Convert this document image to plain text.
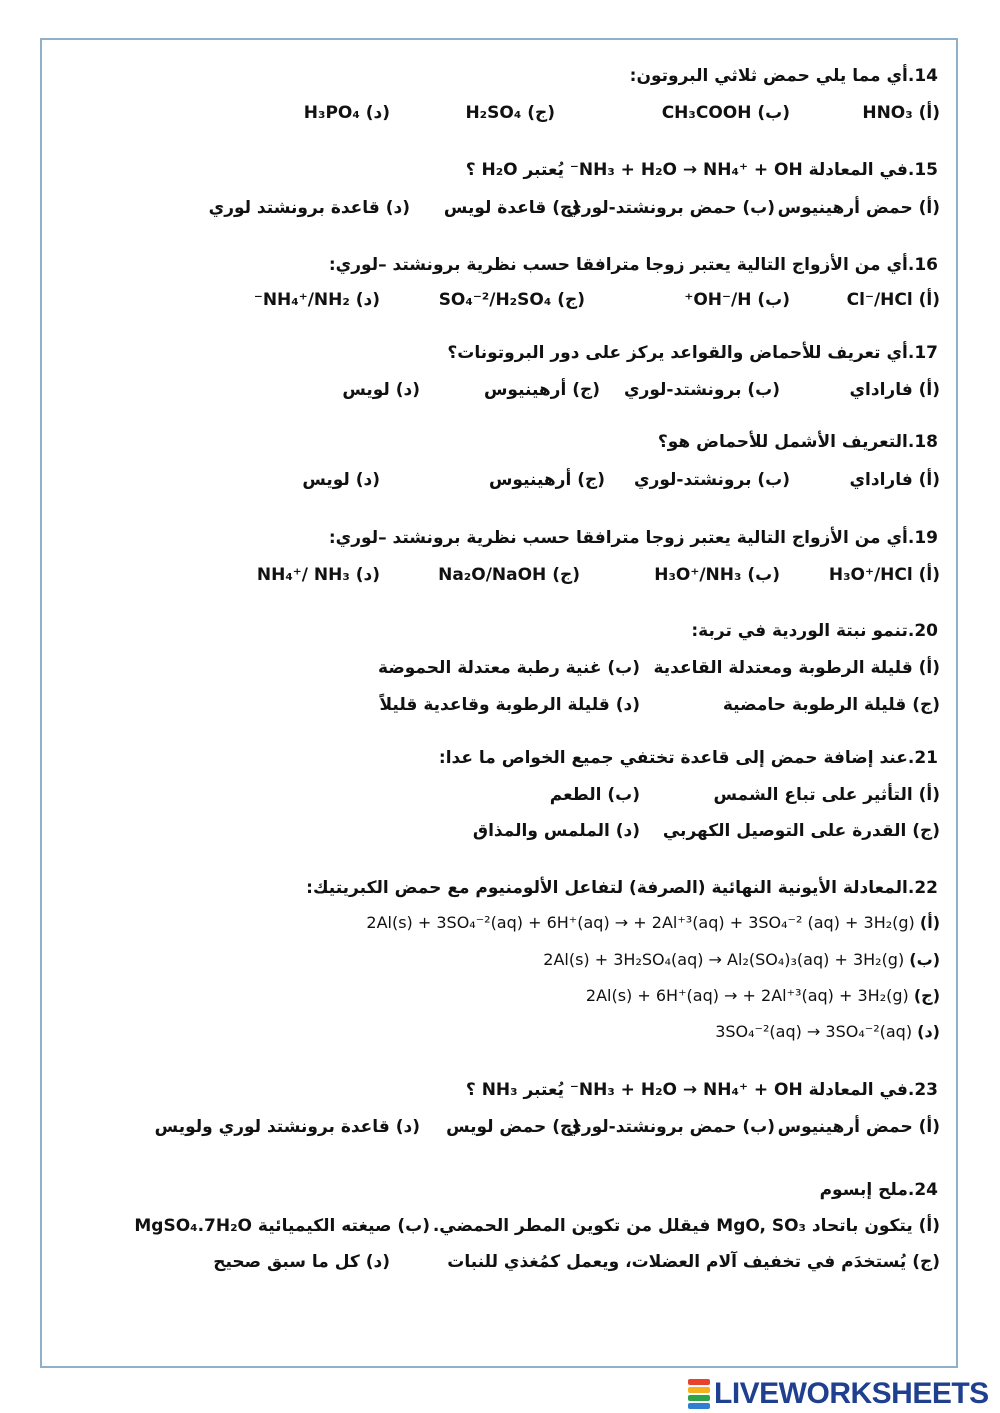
14.أي مما يلي حمض ثلاثي البروتون:
(أ) HNO₃
(ب) CH₃COOH
(ج) H₂SO₄
(د) H₃PO₄
15.في المعادلة NH₃ + H₂O → NH₄⁺ + OH⁻ يُعتبر H₂O ؟
(أ) حمض أرهينيوس
(ب) حمض برونشتد-لوري
(ج) قاعدة لويس
(د) قاعدة برونشتد لوري
16.أي من الأزواج التالية يعتبر زوجا مترافقا حسب نظرية برونشتد –لوري:
(أ) Cl⁻/HCl
(ب) OH⁻/H⁺
(ج) SO₄⁻²/H₂SO₄
(د) NH₄⁺/NH₂⁻
17.أي تعريف للأحماض والقواعد يركز على دور البروتونات؟
(أ) فاراداي
(ب) برونشتد-لوري
(ج) أرهينيوس
(د) لويس
18.التعريف الأشمل للأحماض هو؟
(أ) فاراداي
(ب) برونشتد-لوري
(ج) أرهينيوس
(د) لويس
19.أي من الأزواج التالية يعتبر زوجا مترافقا حسب نظرية برونشتد –لوري:
(أ) H₃O⁺/HCl
(ب) H₃O⁺/NH₃
(ج) Na₂O/NaOH
(د) NH₄⁺/ NH₃
20.تنمو نبتة الوردية في تربة:
(أ) قليلة الرطوبة ومعتدلة القاعدية
(ب) غنية رطبة معتدلة الحموضة
(ج) قليلة الرطوبة حامضية
(د) قليلة الرطوبة وقاعدية قليلاً
21.عند إضافة حمض إلى قاعدة تختفي جميع الخواص ما عدا:
(أ) التأثير على تباع الشمس
(ب) الطعم
(ج) القدرة على التوصيل الكهربي
(د) الملمس والمذاق
22.المعادلة الأيونية النهائية (الصرفة) لتفاعل الألومنيوم مع حمض الكبريتيك:
(أ) 2Al(s) + 3SO₄⁻²(aq) + 6H⁺(aq) → + 2Al⁺³(aq) + 3SO₄⁻² (aq) + 3H₂(g)
(ب) 2Al(s) + 3H₂SO₄(aq) → Al₂(SO₄)₃(aq) + 3H₂(g)
(ج) 2Al(s) + 6H⁺(aq) → + 2Al⁺³(aq) + 3H₂(g)
(د) 3SO₄⁻²(aq) → 3SO₄⁻²(aq)
23.في المعادلة NH₃ + H₂O → NH₄⁺ + OH⁻ يُعتبر NH₃ ؟
(أ) حمض أرهينيوس
(ب) حمض برونشتد-لوري
(ج) حمض لويس
(د) قاعدة برونشتد لوري ولويس
24.ملح إبسوم
(أ) يتكون باتحاد MgO, SO₃ فيقلل من تكوين المطر الحمضي.
(ب) صيغته الكيميائية MgSO₄.7H₂O
(ج) يُستخدَم في تخفيف آلام العضلات، ويعمل كمُغذي للنبات
(د) كل ما سبق صحيح
LIVEWORKSHEETS
